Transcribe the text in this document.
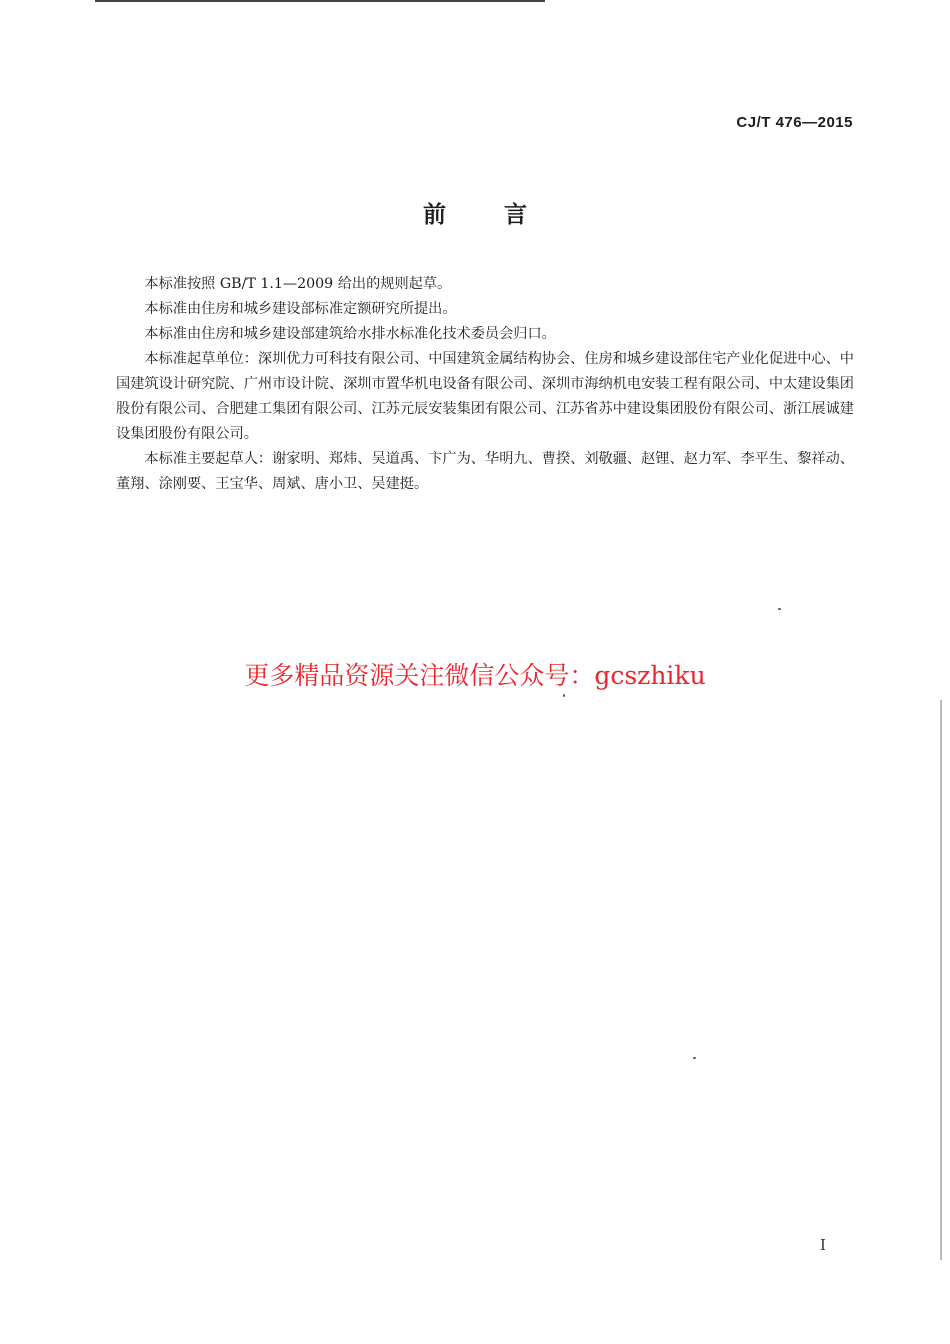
CJ/T 476—2015
前言

本标准按照 GB/T 1.1—2009 给出的规则起草。

本标准由住房和城乡建设部标准定额研究所提出。

本标准由住房和城乡建设部建筑给水排水标准化技术委员会归口。

本标准起草单位：深圳优力可科技有限公司、中国建筑金属结构协会、住房和城乡建设部住宅产业化促进中心、中国建筑设计研究院、广州市设计院、深圳市置华机电设备有限公司、深圳市海纳机电安装工程有限公司、中太建设集团股份有限公司、合肥建工集团有限公司、江苏元辰安装集团有限公司、江苏省苏中建设集团股份有限公司、浙江展诚建设集团股份有限公司。

本标准主要起草人：谢家明、郑炜、吴道禹、卞广为、华明九、曹揆、刘敬疆、赵锂、赵力军、李平生、黎祥动、董翔、涂刚要、王宝华、周斌、唐小卫、吴建挺。

更多精品资源关注微信公众号：gcszhiku
I
